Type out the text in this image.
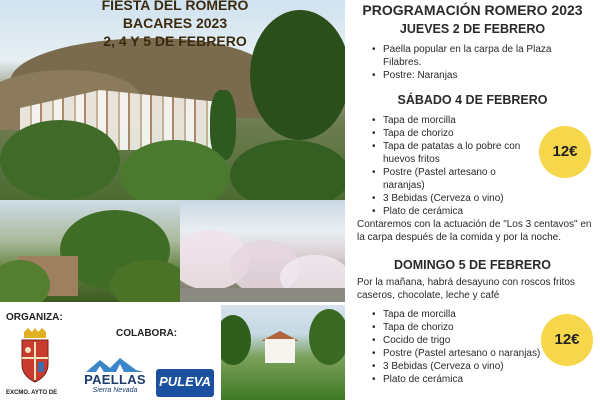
FIESTA DEL ROMERO
BACARES 2023
2, 4 Y 5 DE FEBRERO
ORGANIZA:
EXCMO. AYTO DE
COLABORA:
PAELLAS
Sierra Nevada
PULEVA
PROGRAMACIÓN ROMERO 2023
JUEVES 2 DE FEBRERO
• Paella popular en la carpa de la Plaza Filabres.
• Postre: Naranjas
SÁBADO 4 DE FEBRERO
• Tapa de morcilla
• Tapa de chorizo
• Tapa de patatas a lo pobre con huevos fritos
• Postre (Pastel artesano o naranjas)
• 3 Bebidas (Cerveza o vino)
• Plato de cerámica
12€
Contaremos con la actuación de "Los 3 centavos" en la carpa después de la comida y por la noche.
DOMINGO 5 DE FEBRERO
Por la mañana, habrá desayuno con roscos fritos caseros, chocolate, leche y café
• Tapa de morcilla
• Tapa de chorizo
• Cocido de trigo
• Postre (Pastel artesano o naranjas)
• 3 Bebidas (Cerveza o vino)
• Plato de cerámica
12€
